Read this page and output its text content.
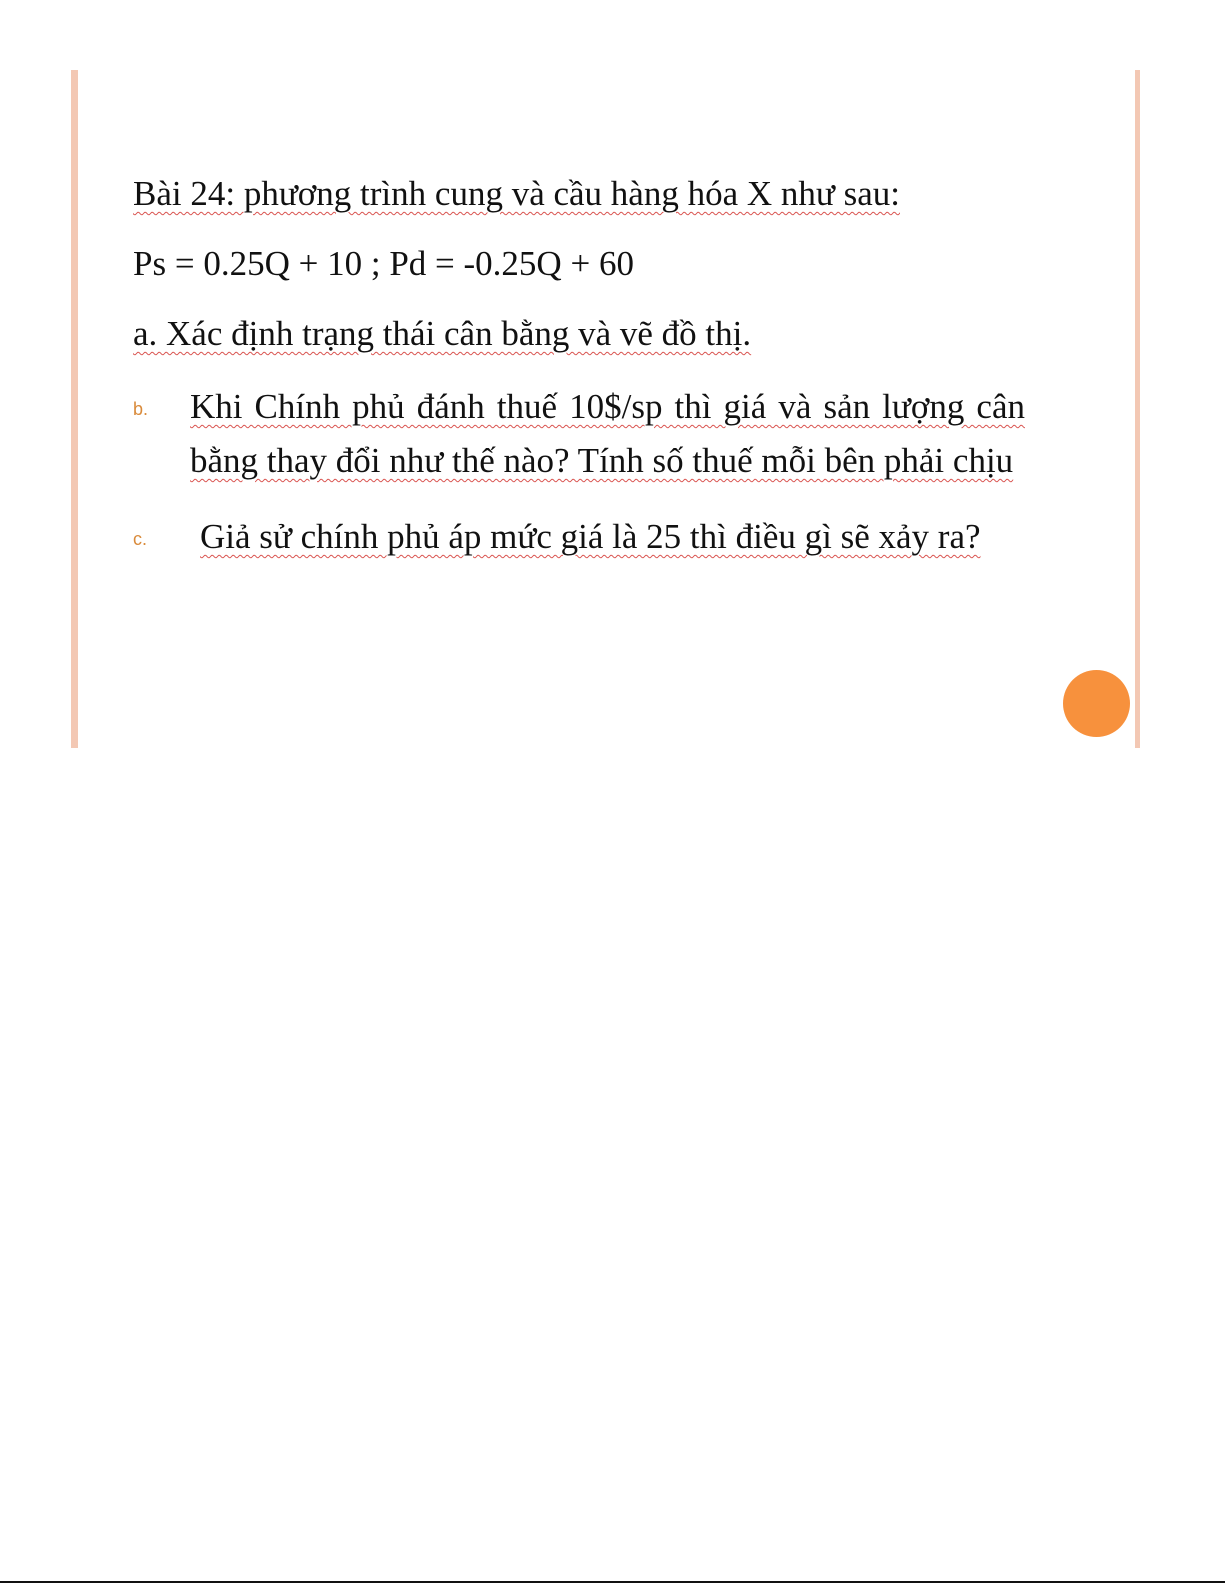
Bài 24: phương trình cung và cầu hàng hóa X như sau:
Ps = 0.25Q + 10 ; Pd = -0.25Q + 60
a. Xác định trạng thái cân bằng và vẽ đồ thị.
b. Khi Chính phủ đánh thuế 10$/sp thì giá và sản lượng cân bằng thay đổi như thế nào? Tính số thuế mỗi bên phải chịu
c. Giả sử chính phủ áp mức giá là 25 thì điều gì sẽ xảy ra?
